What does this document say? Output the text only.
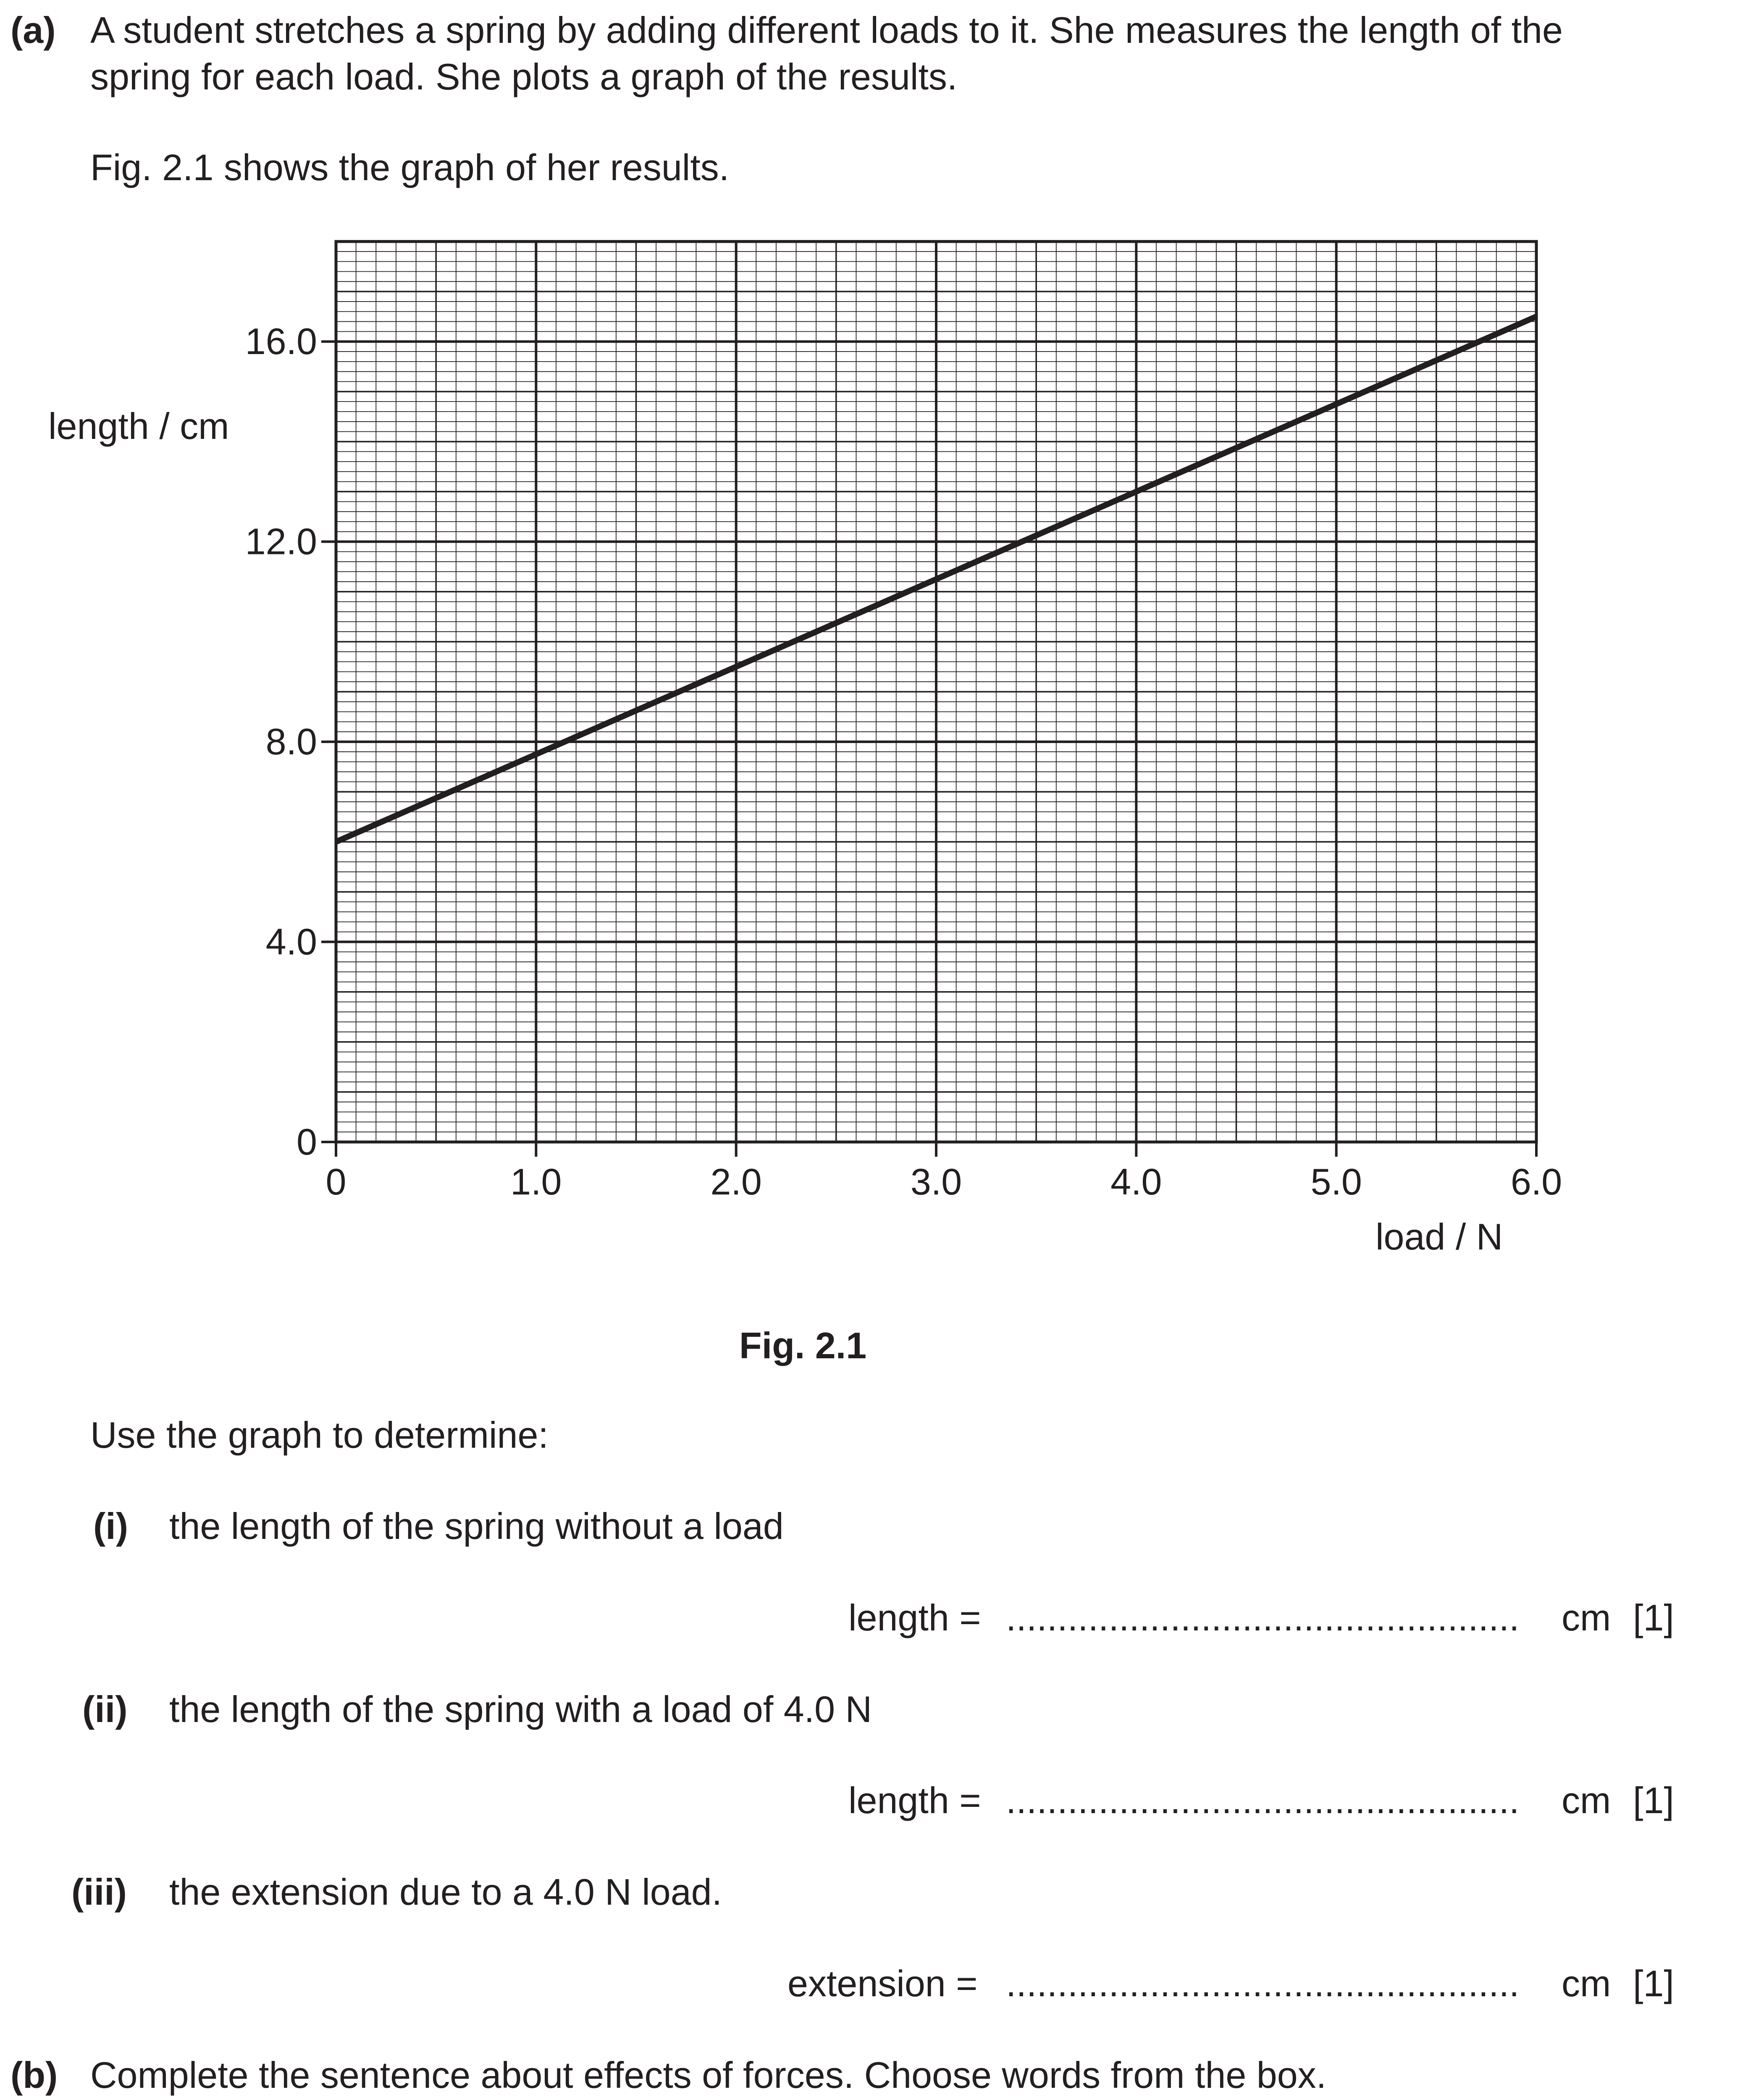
(a) A student stretches a spring by adding different loads to it. She measures the length of the
spring for each load. She plots a graph of the results.
Fig. 2.1 shows the graph of her results.
0
4.0
8.0
12.0
16.0
0	1.0	2.0	3.0	4.0	5.0	6.0
length / cm
load / N
Fig. 2.1
Use the graph to determine:
(i) the length of the spring without a load
length = .................................................. cm [1]
(ii) the length of the spring with a load of 4.0 N
length = .................................................. cm [1]
(iii) the extension due to a 4.0 N load.
extension = .................................................. cm [1]
(b) Complete the sentence about effects of forces. Choose words from the box.
